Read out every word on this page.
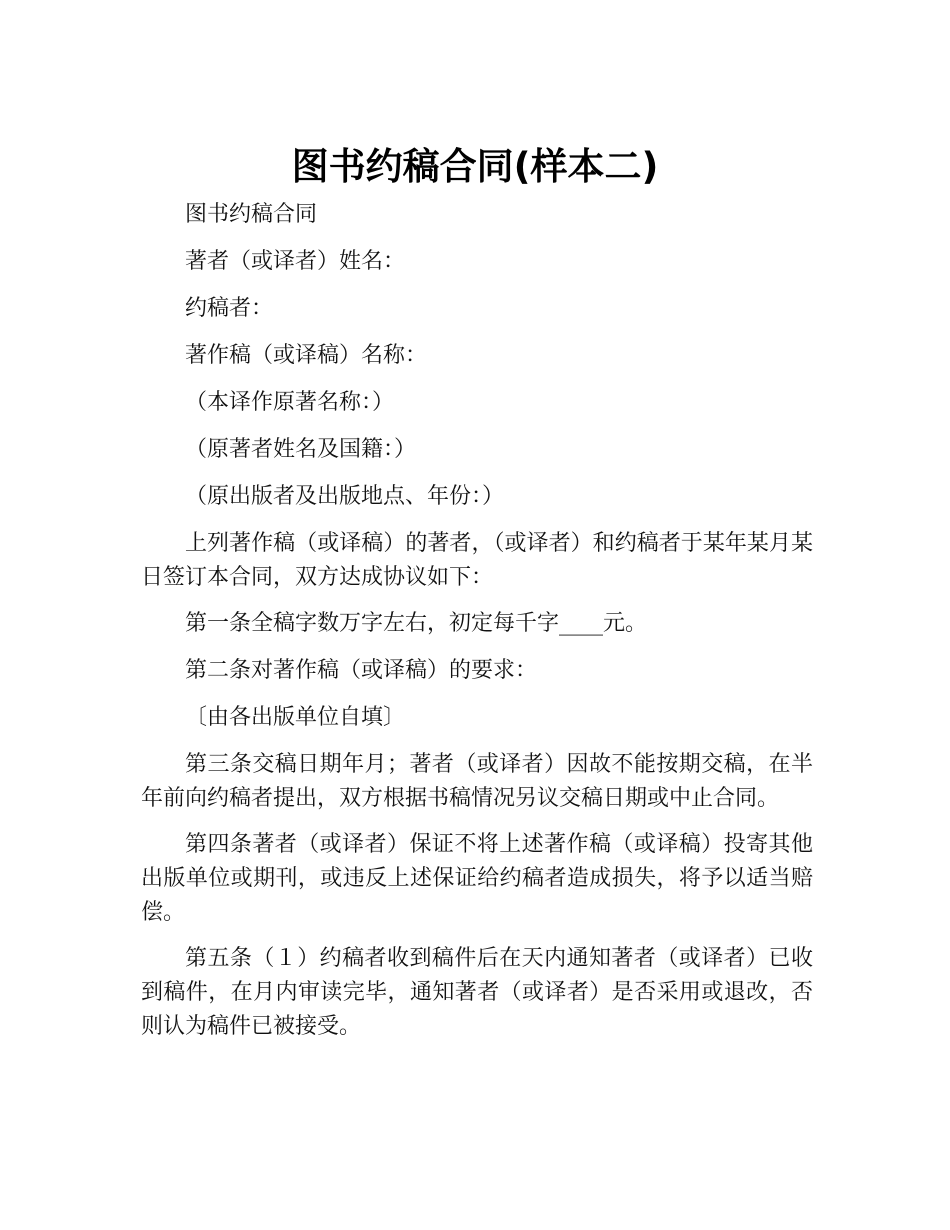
图书约稿合同(样本二)

图书约稿合同

著者（或译者）姓名：

约稿者：

著作稿（或译稿）名称：

（本译作原著名称：）

（原著者姓名及国籍：）

（原出版者及出版地点、年份：）

上列著作稿（或译稿）的著者，（或译者）和约稿者于某年某月某日签订本合同，双方达成协议如下：

第一条全稿字数万字左右，初定每千字____元。

第二条对著作稿（或译稿）的要求：

〔由各出版单位自填〕

第三条交稿日期年月；著者（或译者）因故不能按期交稿，在半年前向约稿者提出，双方根据书稿情况另议交稿日期或中止合同。

第四条著者（或译者）保证不将上述著作稿（或译稿）投寄其他出版单位或期刊，或违反上述保证给约稿者造成损失，将予以适当赔偿。

第五条（１）约稿者收到稿件后在天内通知著者（或译者）已收到稿件，在月内审读完毕，通知著者（或译者）是否采用或退改，否则认为稿件已被接受。
